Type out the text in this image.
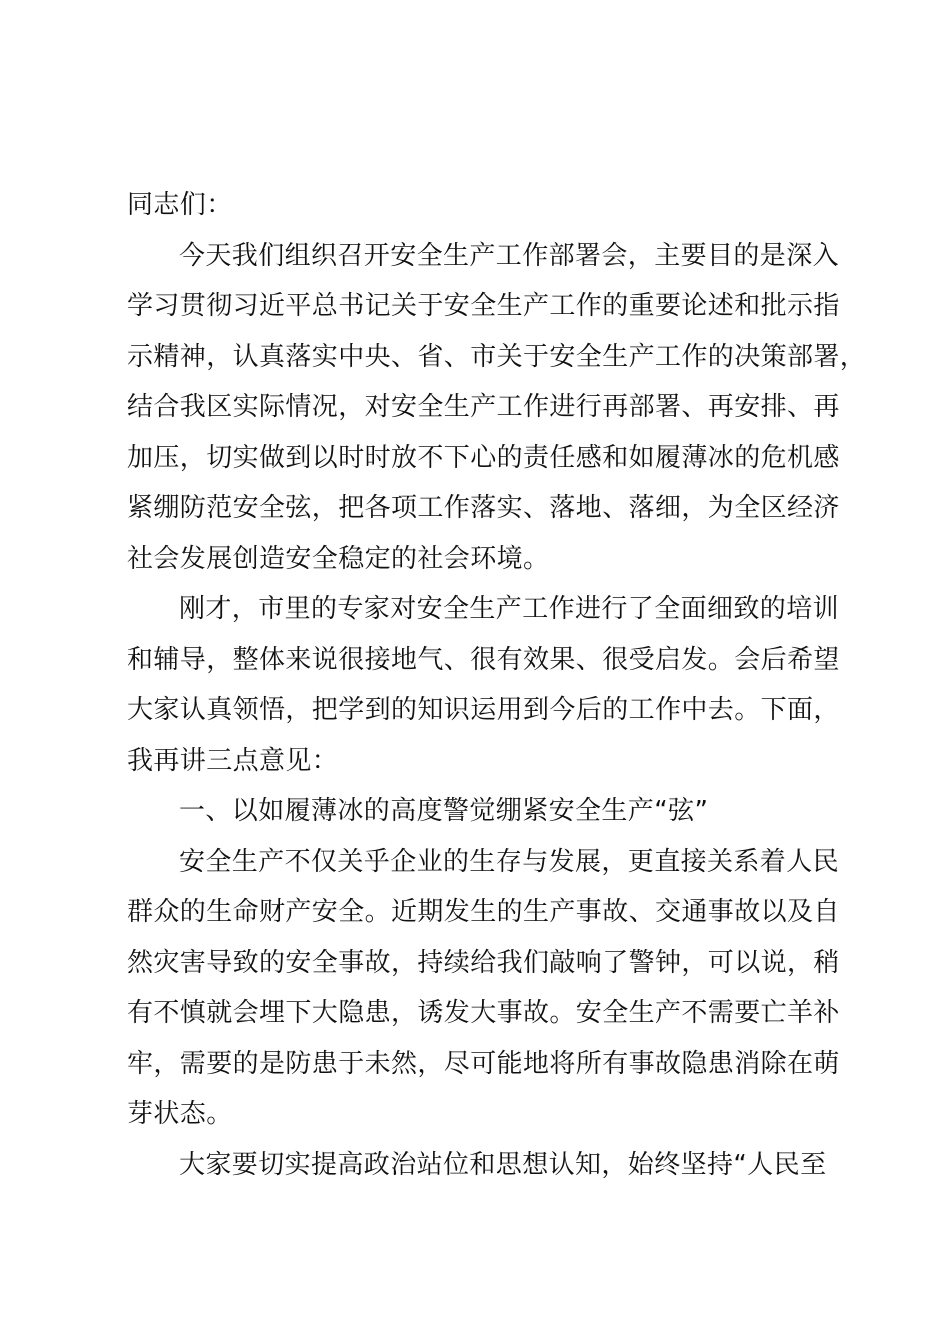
同志们：

今天我们组织召开安全生产工作部署会，主要目的是深入
学习贯彻习近平总书记关于安全生产工作的重要论述和批示指
示精神，认真落实中央、省、市关于安全生产工作的决策部署，
结合我区实际情况，对安全生产工作进行再部署、再安排、再
加压，切实做到以时时放不下心的责任感和如履薄冰的危机感
紧绷防范安全弦，把各项工作落实、落地、落细，为全区经济
社会发展创造安全稳定的社会环境。

刚才，市里的专家对安全生产工作进行了全面细致的培训
和辅导，整体来说很接地气、很有效果、很受启发。会后希望
大家认真领悟，把学到的知识运用到今后的工作中去。下面，
我再讲三点意见：

一、以如履薄冰的高度警觉绷紧安全生产“弦”

安全生产不仅关乎企业的生存与发展，更直接关系着人民
群众的生命财产安全。近期发生的生产事故、交通事故以及自
然灾害导致的安全事故，持续给我们敲响了警钟，可以说，稍
有不慎就会埋下大隐患，诱发大事故。安全生产不需要亡羊补
牢，需要的是防患于未然，尽可能地将所有事故隐患消除在萌
芽状态。

大家要切实提高政治站位和思想认知，始终坚持“人民至
